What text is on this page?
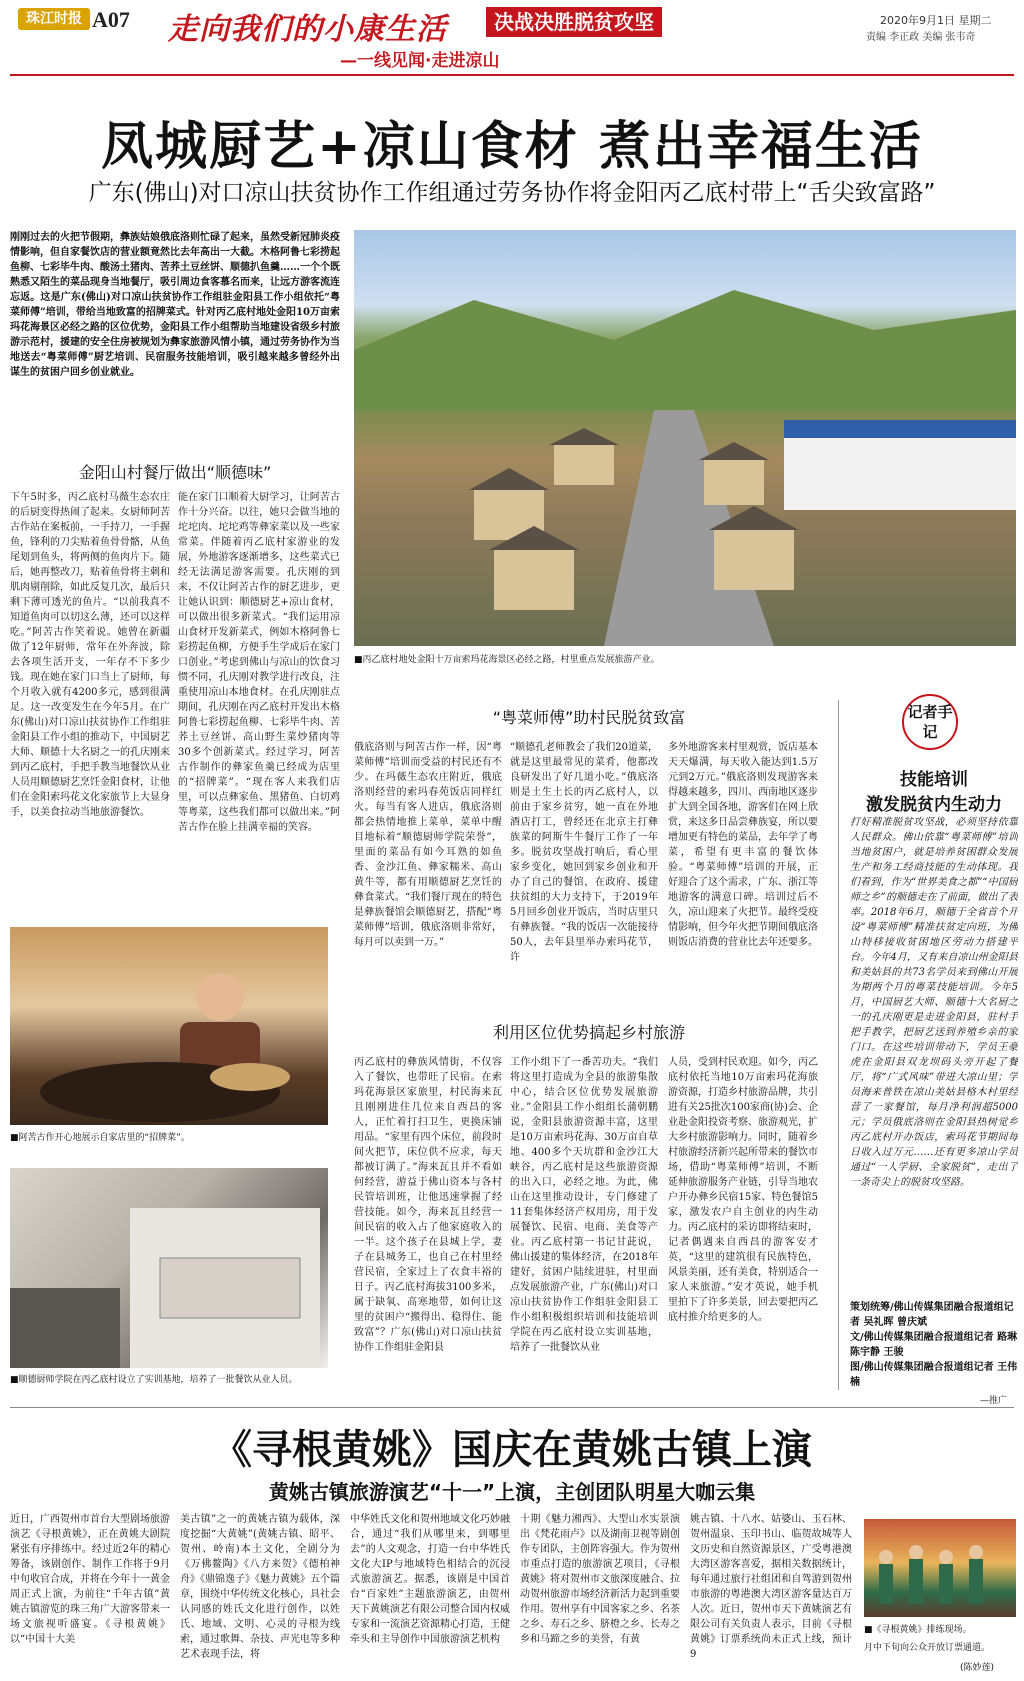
珠江时报 A07 走向我们的小康生活	决战决胜脱贫攻坚
—一线见闻·走进凉山
2020年9月1日 星期二
责编 李正政 美编 张韦奇
凤城厨艺+凉山食材 煮出幸福生活
广东(佛山)对口凉山扶贫协作工作组通过劳务协作将金阳丙乙底村带上“舌尖致富路”
刚刚过去的火把节假期，彝族姑娘俄底洛则忙碌了起来，虽然受新冠肺炎疫情影响，但自家餐饮店的营业额竟然比去年高出一大截。木格阿鲁七彩捞起鱼柳、七彩毕牛肉、酸汤土猪肉、苦荞土豆丝饼、顺德扒鱼羹……一个个既熟悉又陌生的菜品现身当地餐厅，吸引周边食客慕名而来，让远方游客流连忘返。这是广东(佛山)对口凉山扶贫协作工作组驻金阳县工作小组依托“粤菜师傅”培训，带给当地致富的招牌菜式。针对丙乙底村地处金阳10万亩索玛花海景区必经之路的区位优势，金阳县工作小组帮助当地建设省级乡村旅游示范村，援建的安全住房被规划为彝家旅游风情小镇，通过劳务协作为当地送去“粤菜师傅”厨艺培训、民宿服务技能培训，吸引越来越多曾经外出谋生的贫困户回乡创业就业。
■丙乙底村地处金阳十万亩索玛花海景区必经之路，村里重点发展旅游产业。
金阳山村餐厅做出“顺德味”
下午5时多，丙乙底村马薇生态农庄的后厨变得热闹了起来。女厨师阿苦古作站在案板前，一手持刀，一手握鱼，锋利的刀尖贴着鱼骨骨骼，从鱼尾划到鱼头，将两侧的鱼肉片下。随后，她再整改刀，贴着鱼骨将主刺和肌肉剔削除，如此反复几次，最后只剩下薄可透光的鱼片。“以前我真不知道鱼肉可以切这么薄，还可以这样吃。”阿苦古作笑着说。她曾在新疆做了12年厨师，常年在外奔波，除去各项生活开支，一年存不下多少钱。现在她在家门口当上了厨师，每个月收入就有4200多元，感到很满足。这一改变发生在今年5月。在广东(佛山)对口凉山扶贫协作工作组驻金阳县工作小组的推动下，中国厨艺大师、顺德十大名厨之一的孔庆刚来到丙乙底村，手把手教当地餐饮从业人员用顺德厨艺烹饪金阳食材，让他们在金阳索玛花文化家旅节上大显身手，以美食拉动当地旅游餐饮。
能在家门口顺着大厨学习，让阿苦古作十分兴奋。以往，她只会做当地的坨坨肉、坨坨鸡等彝家菜以及一些家常菜。伴随着丙乙底村家游业的发展，外地游客逐渐增多，这些菜式已经无法满足游客需要。孔庆刚的到来，不仅让阿苦古作的厨艺进步，更让她认识到：顺德厨艺+凉山食材，可以做出很多新菜式。“我们运用凉山食材开发新菜式，例如木格阿鲁七彩捞起鱼柳，方便手生学成后在家门口创业。”考虑到佛山与凉山的饮食习惯不同，孔庆刚对教学进行改良，注重使用凉山本地食材。在孔庆刚驻点期间，孔庆刚在丙乙底村开发出木格阿鲁七彩捞起鱼柳、七彩毕牛肉、苦荞土豆丝饼、高山野生菜炒猪肉等30多个创新菜式。经过学习，阿苦古作制作的彝家鱼羹已经成为店里的“招牌菜”。“现在客人来我们店里，可以点彝家鱼、黑猪鱼、白切鸡等粤菜，这些我们都可以做出来。”阿苦古作在脸上挂满幸福的笑容。
■阿苦古作开心地展示自家店里的“招牌菜”。
■顺德厨师学院在丙乙底村设立了实训基地，培养了一批餐饮从业人员。
“粤菜师傅”助村民脱贫致富
俄底洛则与阿苦古作一样，因“粤菜师傅”培训而受益的村民还有不少。在玛薇生态农庄附近，俄底洛则经营的索玛春苑饭店同样红火。每当有客人进店，俄底洛则都会热情地推上菜单，菜单中醒目地标着“顺德厨师学院荣誉”，里面的菜品有如今耳熟的如鱼香、金沙江鱼、彝家糯米、高山黄牛等，都有用顺德厨艺烹饪的彝食菜式。“我们餐厅现在的特色是彝族餐馆会顺德厨艺，搭配“粤菜师傅”培训，俄底洛则非常好，每月可以卖到一万。”
“顺德孔老师教会了我们20道菜，就是这里最常见的菜肴，他都改良研发出了好几道小吃。”俄底洛则是土生土长的丙乙底村人，以前由于家乡贫穷，她一直在外地酒店打工，曾经还在北京主打彝族菜的阿斯牛牛餐厅工作了一年多。脱贫攻坚战打响后，看心里家乡变化，她回到家乡创业和开办了自己的餐馆，在政府、援建扶贫组的大力支持下，于2019年5月回乡创业开饭店，当时店里只有彝族餐。“我的饭店一次能接待50人，去年县里举办索玛花节，许
多外地游客来村里观赏，饭店基本天天爆满，每天收入能达到1.5万元到2万元。”俄底洛则发现游客来得越来越多，四川、西南地区逐步扩大到全国各地，游客们在网上欣赏，来这多日品尝彝族宴，所以要增加更有特色的菜品，去年学了粤菜，希望有更丰富的餐饮体验。“粤菜师傅”培训的开展，正好迎合了这个需求，广东、浙江等地游客的满意口碑。培训过后不久，凉山迎来了火把节。最终受疫情影响，但今年火把节期间俄底洛则饭店消费的营业比去年还要多。
利用区位优势搞起乡村旅游
丙乙底村的彝族风情街，不仅容入了餐饮，也带旺了民宿。在索玛花海景区家旅里，村民海来瓦且刚刚进住几位来自西昌的客人，正忙着打扫卫生，更换床铺用品。“家里有四个床位，前段时间火把节，床位供不应求，每天都被订满了。”海来瓦且并不看如何经营，游益于佛山资本与各村民管培训班，让他迅速掌握了经营技能。如今，海来瓦且经营一间民宿的收入占了他家庭收入的一半。这个孩子在县城上学，妻子在县城务工，也自己在村里经营民宿，全家过上了衣食丰裕的日子。丙乙底村海拔3100多米，属于缺氧、高寒地带，如何让这里的贫困户“搬得出、稳得住、能致富”？广东(佛山)对口凉山扶贫协作工作组驻金阳县
工作小组下了一番苦功夫。“我们将这里打造成为全县的旅游集散中心，结合区位优势发展旅游业。”金阳县工作小组组长蒲朝鹏说，金阳县旅游资源丰富，这里是10万亩索玛花海、30万亩自草地、400多个天坑群和金沙江大峡谷，丙乙底村是这些旅游资源的出入口，必经之地。为此，佛山在这里推动设计，专门修建了11套集体经济产权用房，用于发展餐饮、民宿、电商、美食等产业。丙乙底村第一书记甘茈说，佛山援建的集体经济，在2018年建好，贫困户陆续进驻，村里面点发展旅游产业，广东(佛山)对口凉山扶贫协作工作组驻金阳县工作小组积极组织培训和技能培训学院在丙乙底村设立实训基地，培养了一批餐饮从业
人员，受到村民欢迎。如今，丙乙底村依托当地10万亩索玛花海旅游资源，打造乡村旅游品牌，共引进有关25批次100家商(协)会、企业赴金阳投资考察、旅游观光，扩大乡村旅游影响力。同时，随着乡村旅游经济新兴起所带来的餐饮市场，借助“粤菜师傅”培训，不断延伸旅游服务产业链，引导当地农户开办彝乡民宿15家、特色餐馆5家，激发农户自主创业的内生动力。丙乙底村的采访即将结束时，记者偶遇来自西昌的游客安才英，“这里的建筑很有民族特色，风景美丽，还有美食，特别适合一家人来旅游。”安才英说，她手机里拍下了许多美景，回去要把丙乙底村推介给更多的人。
记者手记
技能培训
激发脱贫内生动力
打好精准脱贫攻坚战，必须坚持依靠人民群众。佛山依靠“粤菜师傅”培训当地贫困户，就是培养贫困群众发展生产和务工经商技能的生动体现。我们看到，作为“世界美食之都”“中国厨师之乡”的顺德走在了前面，做出了表率。2018年6月，顺德于全省首个开设“粤菜师傅”精准扶贫定向班，为佛山特移接收贫困地区劳动力搭建平台。今年4月，又有来自凉山州金阳县和美姑县的共73名学员来到佛山开展为期两个月的粤菜技能培训。今年5月，中国厨艺大师、顺德十大名厨之一的孔庆刚更是走进金阳县，驻村手把手教学，把厨艺送到养殖乡亲的家门口。在这些培训带动下，学员王豪虎在金阳县双龙坝码头旁开起了餐厅，将“广式风味”带进大凉山里；学员海来普铁在凉山美姑县格木村里经营了一家餐馆，每月净利润超5000元；学员俄底洛则在金阳县热树觉乡丙乙底村开办饭店，索玛花节期间每日收入过万元……还有更多凉山学员通过“一人学厨、全家脱贫”，走出了一条奇尖上的脱贫攻坚路。
策划统筹/佛山传媒集团融合报道组记者 吴礼晖 曾庆斌
文/佛山传媒集团融合报道组记者 路琳 陈宇静 王骏
图/佛山传媒集团融合报道组记者 王伟楠
—推广
《寻根黄姚》国庆在黄姚古镇上演
黄姚古镇旅游演艺“十一”上演，主创团队明星大咖云集
近日，广西贺州市首台大型剧场旅游演艺《寻根黄姚》，正在黄姚大剧院紧张有序排练中。经过近2年的精心筹备，该剧创作、制作工作将于9月中旬收官合成，并将在今年十一黄金周正式上演，为前往“千年古镇”黄姚古镇游览的珠三角广大游客带来一场文旅视听盛宴。《寻根黄姚》以“中国十大美
美古镇”之一的黄姚古镇为载体，深度挖掘“大黄姚”(黄姚古镇、昭平、贺州、岭南)本土文化，全剧分为《万佛鳌陶》《八方来贺》《德柏神舟》《鼎锦逸子》《魅力黄姚》五个篇章，围绕中华传统文化核心，具社会认同感的姓氏文化进行创作，以姓氏、地域、文明、心灵的寻根为线索，通过歌舞、杂技、声光电等多种艺术表现手法，将
中华姓氏文化和贺州地域文化巧妙融合，通过“我们从哪里来，到哪里去”的人文观念，打造一台中华姓氏文化大IP与地域特色相结合的沉浸式旅游演艺。据悉，该剧是中国首台“百家姓”主题旅游演艺，由贺州天下黄姚演艺有限公司整合国内权威专家和一流演艺资源精心打造，王健牵头和主导创作中国旅游演艺机构
十期《魅力湘西》、大型山水实景演出《梵花雨卢》以及湖南卫视等剧创作专团队，主创阵容强大。作为贺州市重点打造的旅游演艺项目，《寻根黄姚》将对贺州市文旅深度融合、拉动贺州旅游市场经济新活力起到重要作用。贺州享有中国客家之乡、名茶之乡、寿石之乡、脐橙之乡、长寿之乡和马蹄之乡的美誉，有黄
姚古镇、十八水、姑婆山、玉石林、贺州温泉、玉印书山、临贺故城等人文历史和自然资源景区，广受粤港澳大湾区游客喜爱，据相关数据统计，每年通过旅行社组团和自驾游到贺州市旅游的粤港澳大湾区游客量达百万人次。近日，贺州市天下黄姚演艺有限公司有关负责人表示，目前《寻根黄姚》订票系统尚未正式上线，预计9
■《寻根黄姚》排练现场。
月中下旬向公众开放订票通道。
(陈妙莲)
